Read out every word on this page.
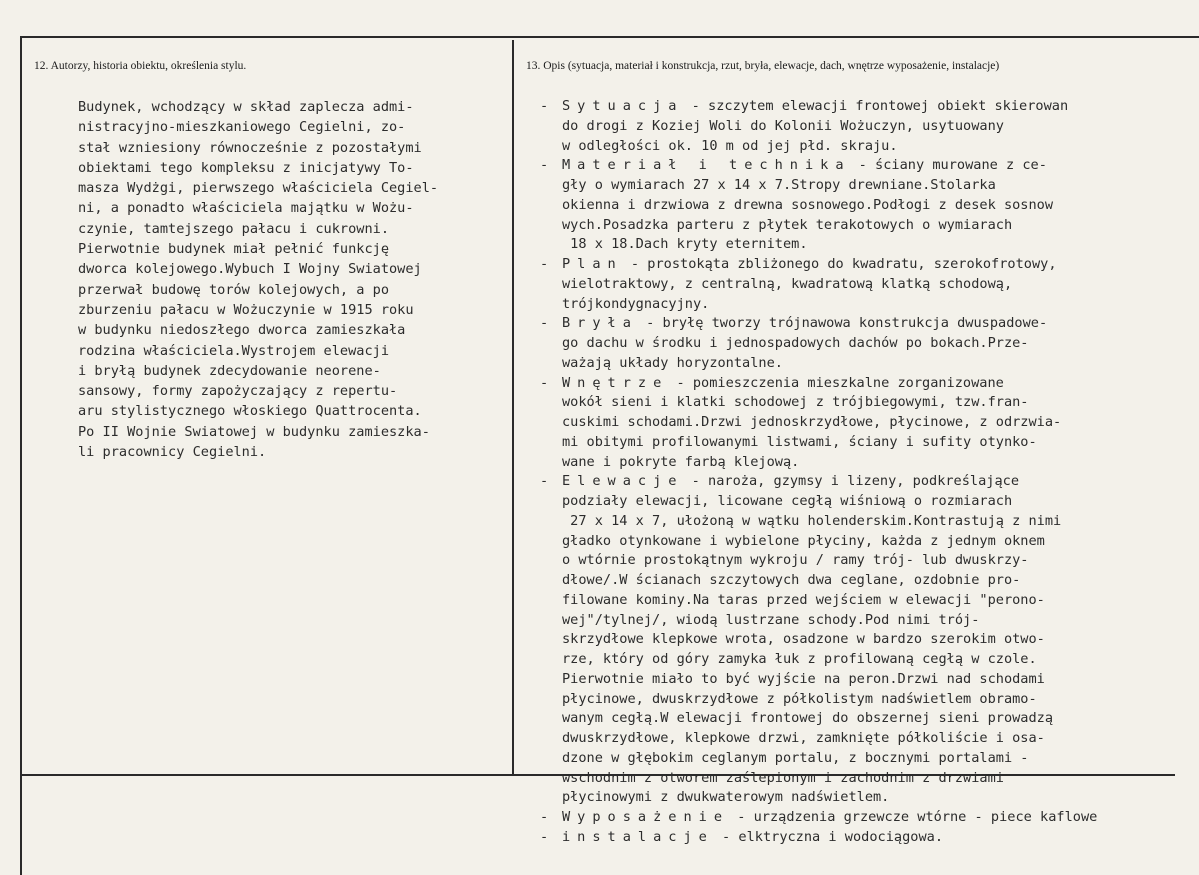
12. Autorzy, historia obiektu, określenia stylu.	13. Opis (sytuacja, materiał i konstrukcja, rzut, bryła, elewacje, dach, wnętrze wyposażenie, instalacje)

Budynek, wchodzący w skład zaplecza admi-
nistracyjno-mieszkaniowego Cegielni, zo-
stał wzniesiony równocześnie z pozostałymi
obiektami tego kompleksu z inicjatywy To-
masza Wydżgi, pierwszego właściciela Cegiel-
ni, a ponadto właściciela majątku w Wożu-
czynie, tamtejszego pałacu i cukrowni.
Pierwotnie budynek miał pełnić funkcję
dworca kolejowego.Wybuch I Wojny Swiatowej
przerwał budowę torów kolejowych, a po
zburzeniu pałacu w Wożuczynie w 1915 roku
w budynku niedoszłego dworca zamieszkała
rodzina właściciela.Wystrojem elewacji
i bryłą budynek zdecydowanie neorene-
sansowy, formy zapożyczający z repertu-
aru stylistycznego włoskiego Quattrocenta.
Po II Wojnie Swiatowej w budynku zamieszka-
li pracownicy Cegielni.

- Sytuacja - szczytem elewacji frontowej obiekt skierowan
do drogi z Koziej Woli do Kolonii Wożuczyn, usytuowany
w odległości ok. 10 m od jej płd. skraju.
- Materiał i technika - ściany murowane z ce-
gły o wymiarach 27 x 14 x 7.Stropy drewniane.Stolarka
okienna i drzwiowa z drewna sosnowego.Podłogi z desek sosnow
wych.Posadzka parteru z płytek terakotowych o wymiarach
18 x 18.Dach kryty eternitem.
- Plan - prostokąta zbliżonego do kwadratu, szerokofrotowy,
wielotraktowy, z centralną, kwadratową klatką schodową,
trójkondygnacyjny.
- Bryła - bryłę tworzy trójnawowa konstrukcja dwuspadowe-
go dachu w środku i jednospadowych dachów po bokach.Prze-
ważają układy horyzontalne.
- Wnętrze - pomieszczenia mieszkalne zorganizowane
wokół sieni i klatki schodowej z trójbiegowymi, tzw.fran-
cuskimi schodami.Drzwi jednoskrzydłowe, płycinowe, z odrzwia-
mi obitymi profilowanymi listwami, ściany i sufity otynko-
wane i pokryte farbą klejową.
- Elewacje - naroża, gzymsy i lizeny, podkreślające
podziały elewacji, licowane cegłą wiśniową o rozmiarach
27 x 14 x 7, ułożoną w wątku holenderskim.Kontrastują z nimi
gładko otynkowane i wybielone płyciny, każda z jednym oknem
o wtórnie prostokątnym wykroju / ramy trój- lub dwuskrzy-
dłowe/.W ścianach szczytowych dwa ceglane, ozdobnie pro-
filowane kominy.Na taras przed wejściem w elewacji "perono-
wej"/tylnej/, wiodą lustrzane schody.Pod nimi trój-
skrzydłowe klepkowe wrota, osadzone w bardzo szerokim otwo-
rze, który od góry zamyka łuk z profilowaną cegłą w czole.
Pierwotnie miało to być wyjście na peron.Drzwi nad schodami
płycinowe, dwuskrzydłowe z półkolistym nadświetlem obramo-
wanym cegłą.W elewacji frontowej do obszernej sieni prowadzą
dwuskrzydłowe, klepkowe drzwi, zamknięte półkoliście i osa-
dzone w głębokim ceglanym portalu, z bocznymi portalami -
wschodnim z otworem zaślepionym i zachodnim z drzwiami
płycinowymi z dwukwaterowym nadświetlem.
- Wyposażenie - urządzenia grzewcze wtórne - piece kaflowe
- instalacje - elktryczna i wodociągowa.
